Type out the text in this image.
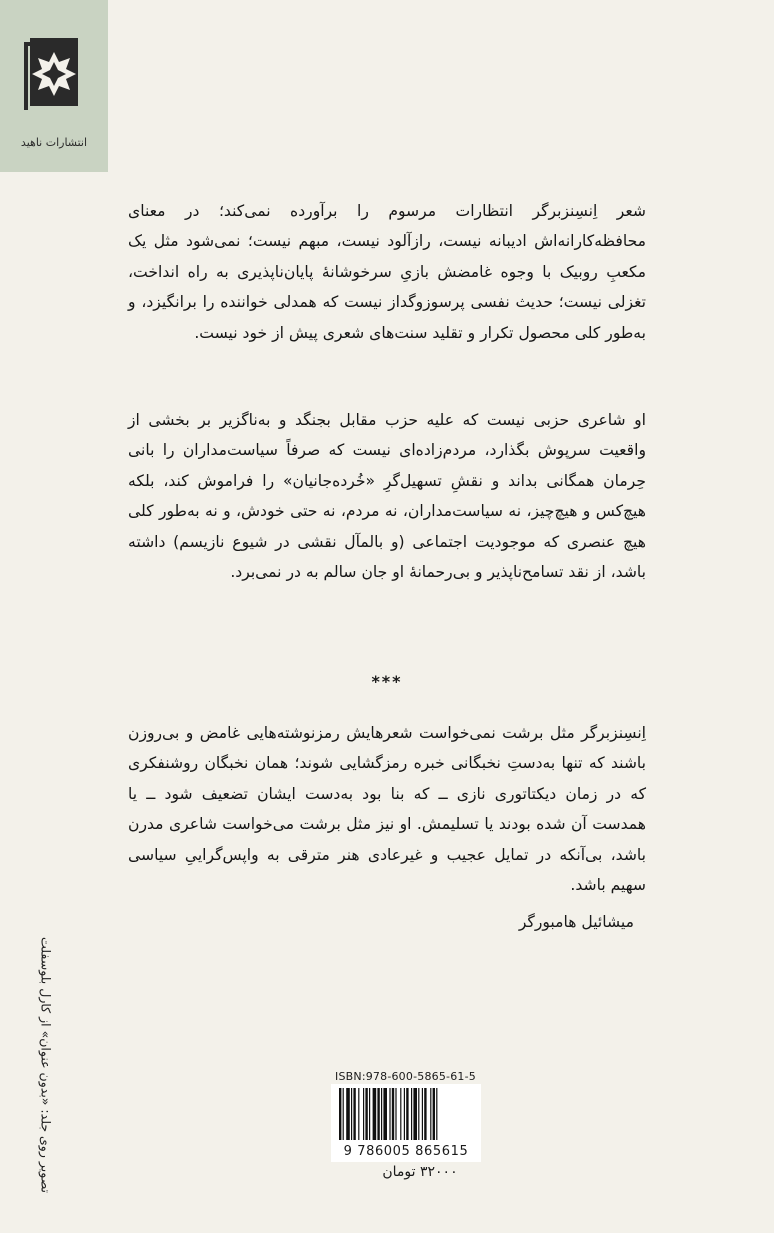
انتشارات ناهید

شعر اِنسِنزبرگر انتظارات مرسوم را برآورده نمی‌کند؛ در معنای محافظه‌کارانه‌اش ادیبانه نیست، رازآلود نیست، مبهم نیست؛ نمی‌شود مثل یک مکعبِ روبیک با وجوه غامضش بازیِ سرخوشانهٔ پایان‌ناپذیری به راه انداخت، تغزلی نیست؛ حدیث نفسی پرسوزوگداز نیست که همدلی خواننده را برانگیزد، و به‌طور کلی محصول تکرار و تقلید سنت‌های شعری پیش از خود نیست.

او شاعری حزبی نیست که علیه حزب مقابل بجنگد و به‌ناگزیر بر بخشی از واقعیت سرپوش بگذارد، مردم‌زاده‌ای نیست که صرفاً سیاست‌مداران را بانی حِرمان همگانی بداند و نقشِ تسهیل‌گرِ «خُرده‌جانیان» را فراموش کند، بلکه هیچ‌کس و هیچ‌چیز، نه سیاست‌مداران، نه مردم، نه حتی خودش، و نه به‌طور کلی هیچ عنصری که موجودیت اجتماعی (و بالمآل نقشی در شیوع نازیسم) داشته باشد، از نقد تسامح‌ناپذیر و بی‌رحمانهٔ او جان سالم به در نمی‌برد.

***

اِنسِنزبرگر مثل برشت نمی‌خواست شعرهایش رمزنوشته‌هایی غامض و بی‌روزن باشند که تنها به‌دستِ نخبگانی خبره رمزگشایی شوند؛ همان نخبگان روشنفکری که در زمان دیکتاتوری نازی ــ که بنا بود به‌دست ایشان تضعیف شود ــ یا همدست آن شده بودند یا تسلیمش. او نیز مثل برشت می‌خواست شاعری مدرن باشد، بی‌آنکه در تمایل عجیب و غیرعادی هنر مترقی به واپس‌گراییِ سیاسی سهیم باشد.

میشائیل هامبورگر
تصویر روی جلد: «بدون عنوان» از کارل بلوسفلت	ISBN:978-600-5865-61-5
9 786005 865615
۳۲۰۰۰ تومان
